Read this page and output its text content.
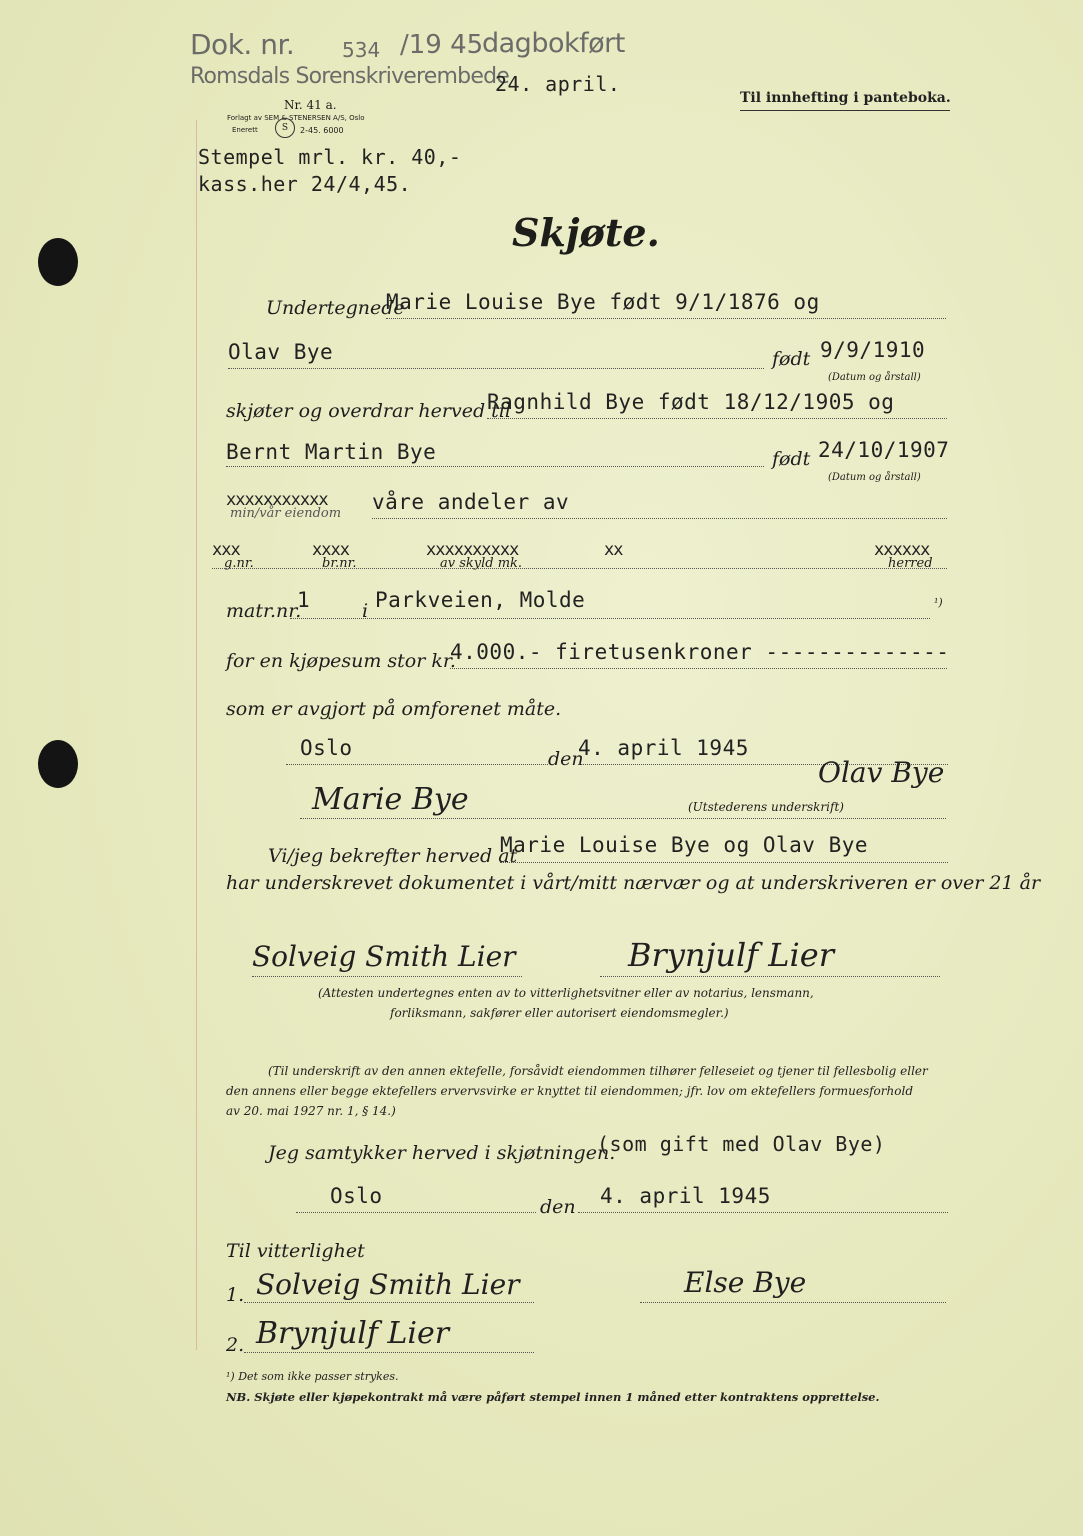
Dok. nr. 534 /19 45
dagbokført
Romsdals Sorenskriverembede
24. april.
Nr. 41 a.
Forlagt av SEM & STENERSEN A/S, Oslo
Enerett	S	2-45. 6000
Til innhefting i panteboka.
Stempel mrl. kr. 40,-
kass.her 24/4,45.
Skjøte.
Undertegnede
Marie Louise Bye født 9/1/1876 og
Olav Bye	født 9/9/1910
(Datum og årstall)
skjøter og overdrar herved til
Ragnhild Bye født 18/12/1905 og
Bernt Martin Bye	født 24/10/1907
(Datum og årstall)
xxxxxxxxxxx
min/vår eiendom våre andeler av
xxx
g.nr.
xxxx
br.nr.
xxxxxxxxxx
av skyld mk.
xx	xxxxxx
herred
matr.nr.
1	i Parkveien, Molde	¹)
for en kjøpesum stor kr.
4.000.- firetusenkroner --------------
som er avgjort på omforenet måte.
Oslo	den
4. april 1945
Marie Bye
Olav Bye
(Utstederens underskrift)
Vi/jeg bekrefter herved at
Marie Louise Bye og Olav Bye
har underskrevet dokumentet i vårt/mitt nærvær og at underskriveren er over 21 år
Solveig Smith Lier	Brynjulf Lier
(Attesten undertegnes enten av to vitterlighetsvitner eller av notarius, lensmann,
forliksmann, sakfører eller autorisert eiendomsmegler.)
(Til underskrift av den annen ektefelle, forsåvidt eiendommen tilhører felleseiet og tjener til fellesbolig eller
den annens eller begge ektefellers ervervsvirke er knyttet til eiendommen; jfr. lov om ektefellers formuesforhold
av 20. mai 1927 nr. 1, § 14.)
Jeg samtykker herved i skjøtningen.
(som gift med Olav Bye)
Oslo	den 4. april 1945
Til vitterlighet
1. Solveig Smith Lier	Else Bye
2. Brynjulf Lier
¹) Det som ikke passer strykes.
NB. Skjøte eller kjøpekontrakt må være påført stempel innen 1 måned etter kontraktens opprettelse.
